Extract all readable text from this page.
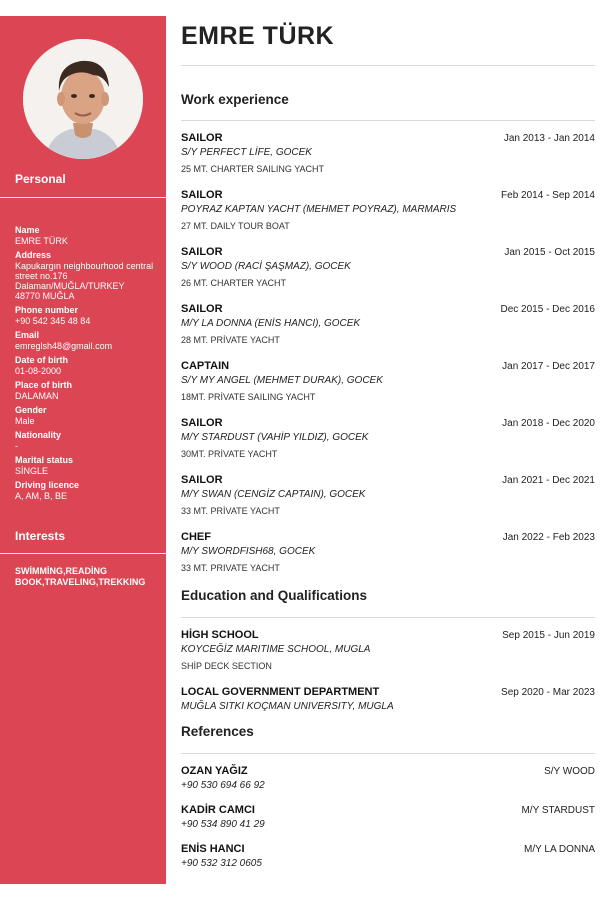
Personal
Name
EMRE TÜRK
Address
Kapukargın neighbourhood central
street no.176
Dalaman/MUĞLA/TURKEY
48770 MUĞLA
Phone number
+90 542 345 48 84
Email
emreglsh48@gmail.com
Date of birth
01-08-2000
Place of birth
DALAMAN
Gender
Male
Nationality
-
Marital status
SİNGLE
Driving licence
A, AM, B, BE
Interests
SWİMMİNG,READİNG BOOK,TRAVELING,TREKKING
EMRE TÜRK
Work experience
SAILOR	Jan 2013 - Jan 2014
S/Y PERFECT LİFE, GOCEK
25 MT. CHARTER SAILING YACHT
SAILOR	Feb 2014 - Sep 2014
POYRAZ KAPTAN YACHT (MEHMET POYRAZ), MARMARIS
27 MT. DAILY TOUR BOAT
SAILOR	Jan 2015 - Oct 2015
S/Y WOOD (RACİ ŞAŞMAZ), GOCEK
26 MT. CHARTER YACHT
SAILOR	Dec 2015 - Dec 2016
M/Y LA DONNA (ENİS HANCI), GOCEK
28 MT. PRİVATE YACHT
CAPTAIN	Jan 2017 - Dec 2017
S/Y MY ANGEL (MEHMET DURAK), GOCEK
18MT. PRİVATE SAILING YACHT
SAILOR	Jan 2018 - Dec 2020
M/Y STARDUST (VAHİP YILDIZ), GOCEK
30MT. PRİVATE YACHT
SAILOR	Jan 2021 - Dec 2021
M/Y SWAN (CENGİZ CAPTAIN), GOCEK
33 MT. PRİVATE YACHT
CHEF	Jan 2022 - Feb 2023
M/Y SWORDFISH68, GOCEK
33 MT. PRIVATE YACHT
Education and Qualifications
HİGH SCHOOL	Sep 2015 - Jun 2019
KOYCEĞİZ MARITIME SCHOOL, MUGLA
SHİP DECK SECTION
LOCAL GOVERNMENT DEPARTMENT	Sep 2020 - Mar 2023
MUĞLA SITKI KOÇMAN UNIVERSITY, MUGLA
References
OZAN YAĞIZ	S/Y WOOD
+90 530 694 66 92
KADİR CAMCI	M/Y STARDUST
+90 534 890 41 29
ENİS HANCI	M/Y LA DONNA
+90 532 312 0605
